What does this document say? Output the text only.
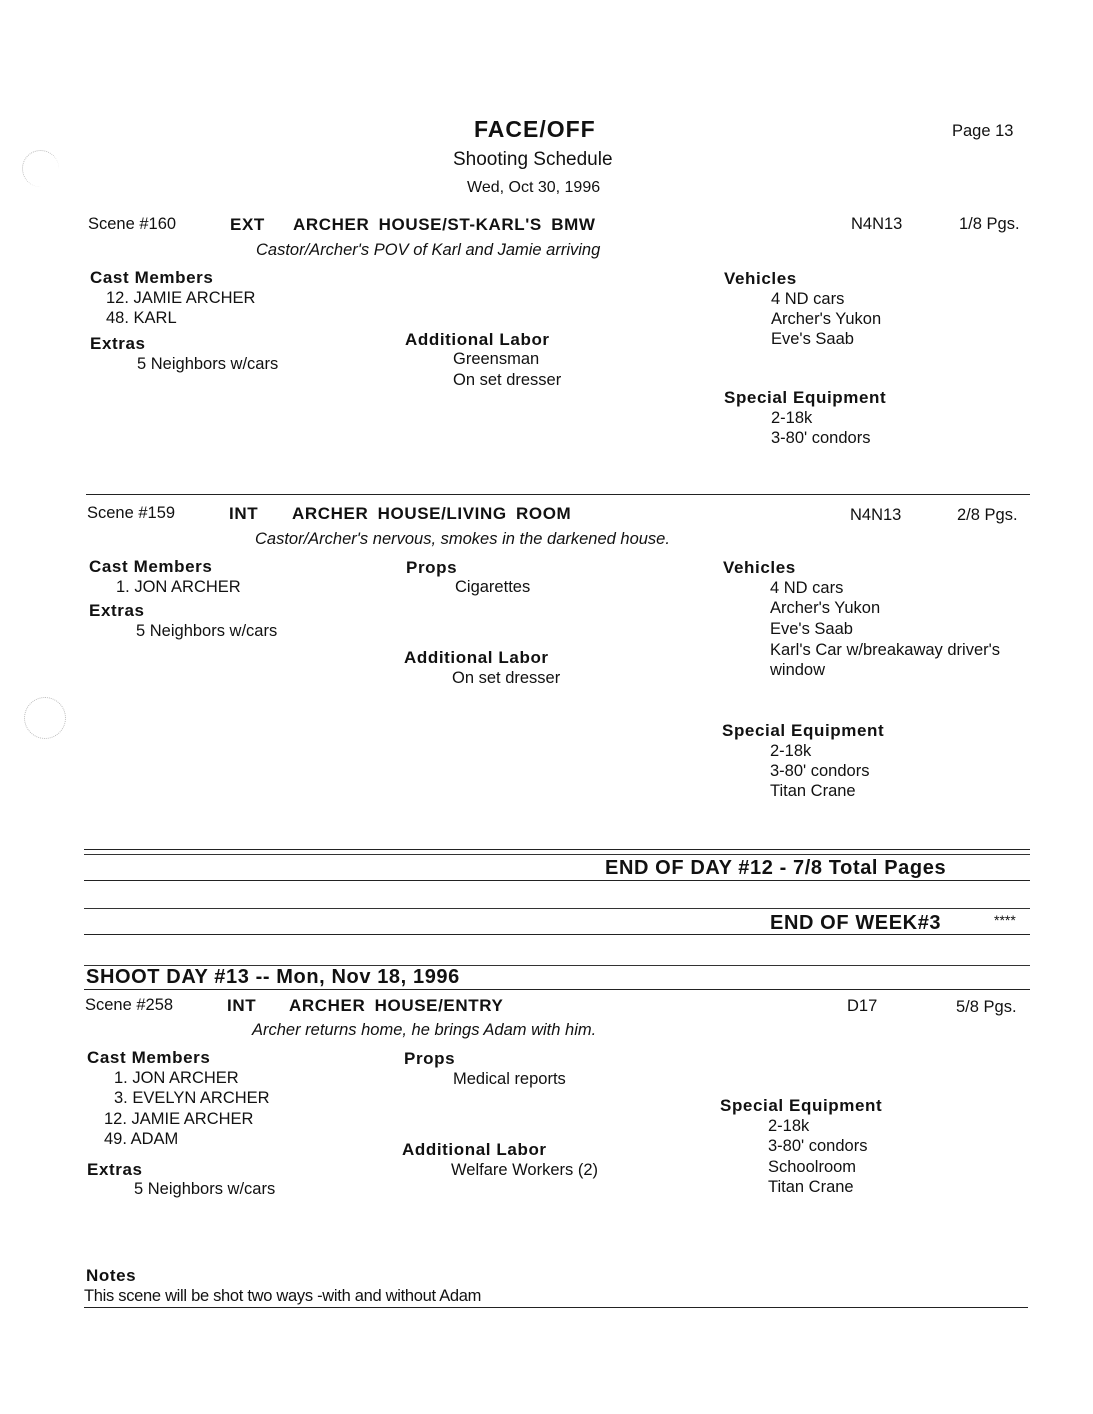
FACE/OFF
Shooting Schedule
Wed, Oct 30, 1996
Page 13
Scene #160	EXT ARCHER HOUSE/ST-KARL'S BMW	N4N13	1/8 Pgs.
Castor/Archer's POV of Karl and Jamie arriving
Cast Members
12. JAMIE ARCHER
48. KARL
Extras
5 Neighbors w/cars
Additional Labor
Greensman
On set dresser
Vehicles
4 ND cars
Archer's Yukon
Eve's Saab
Special Equipment
2-18k
3-80' condors
Scene #159	INT ARCHER HOUSE/LIVING ROOM	N4N13	2/8 Pgs.
Castor/Archer's nervous, smokes in the darkened house.
Cast Members
1. JON ARCHER
Extras
5 Neighbors w/cars
Props
Cigarettes
Additional Labor
On set dresser
Vehicles
4 ND cars
Archer's Yukon
Eve's Saab
Karl's Car w/breakaway driver's
window
Special Equipment
2-18k
3-80' condors
Titan Crane
END OF DAY #12 - 7/8 Total Pages
END OF WEEK#3	****
SHOOT DAY #13 -- Mon, Nov 18, 1996
Scene #258	INT ARCHER HOUSE/ENTRY	D17	5/8 Pgs.
Archer returns home, he brings Adam with him.
Cast Members
1. JON ARCHER
3. EVELYN ARCHER
12. JAMIE ARCHER
49. ADAM
Extras
5 Neighbors w/cars
Props
Medical reports
Additional Labor
Welfare Workers (2)
Special Equipment
2-18k
3-80' condors
Schoolroom
Titan Crane
Notes
This scene will be shot two ways -with and without Adam
